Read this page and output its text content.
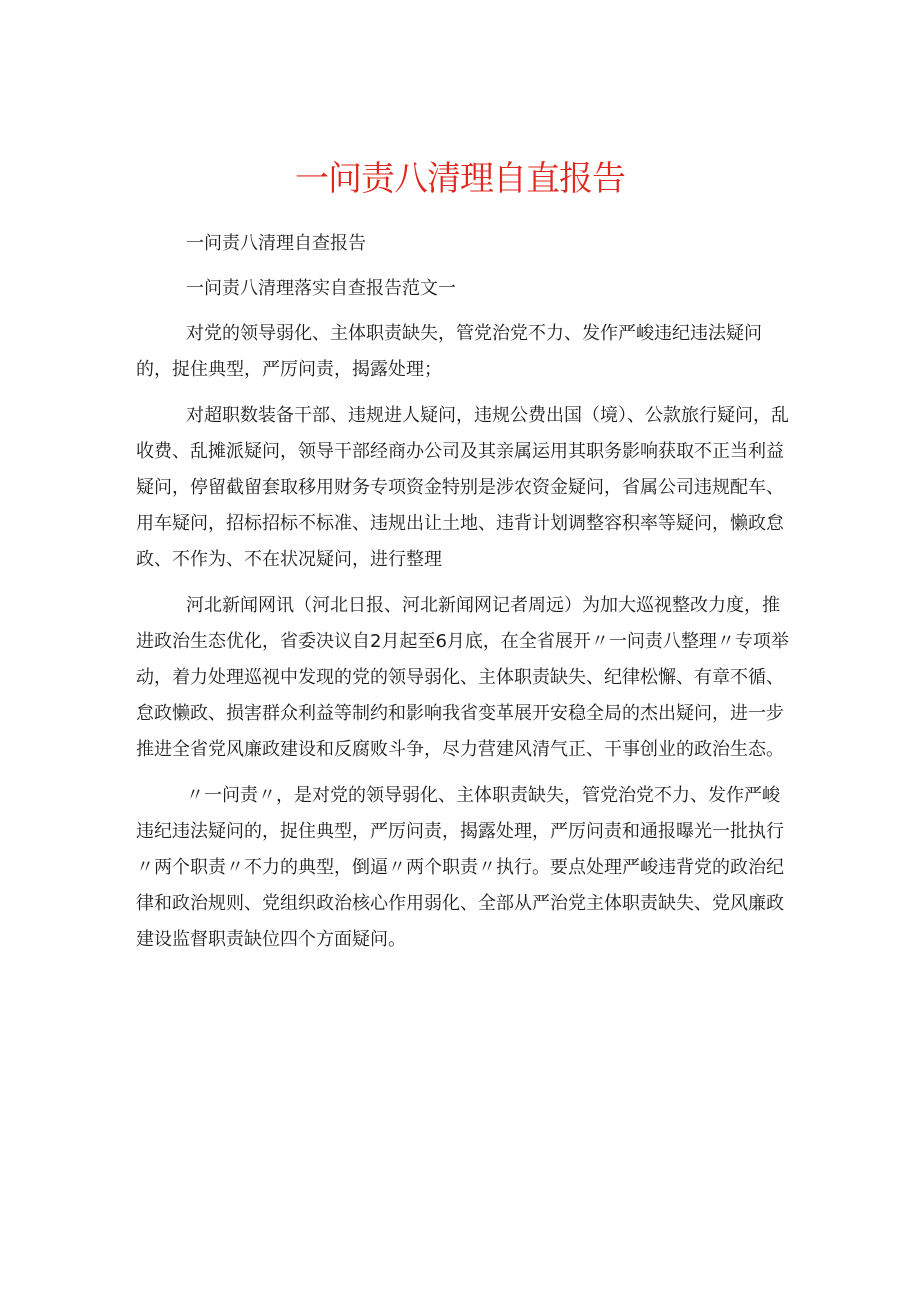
一问责八清理自直报告

一问责八清理自查报告

一问责八清理落实自查报告范文一

对党的领导弱化、主体职责缺失，管党治党不力、发作严峻违纪违法疑问的，捉住典型，严厉问责，揭露处理；

对超职数装备干部、违规进人疑问，违规公费出国（境）、公款旅行疑问，乱收费、乱摊派疑问，领导干部经商办公司及其亲属运用其职务影响获取不正当利益疑问，停留截留套取移用财务专项资金特别是涉农资金疑问，省属公司违规配车、用车疑问，招标招标不标准、违规出让土地、违背计划调整容积率等疑问，懒政怠政、不作为、不在状况疑问，进行整理

河北新闻网讯（河北日报、河北新闻网记者周远）为加大巡视整改力度，推进政治生态优化，省委决议自2月起至6月底，在全省展开〃一问责八整理〃专项举动，着力处理巡视中发现的党的领导弱化、主体职责缺失、纪律松懈、有章不循、怠政懒政、损害群众利益等制约和影响我省变革展开安稳全局的杰出疑问，进一步推进全省党风廉政建设和反腐败斗争，尽力营建风清气正、干事创业的政治生态。

〃一问责〃，是对党的领导弱化、主体职责缺失，管党治党不力、发作严峻违纪违法疑问的，捉住典型，严厉问责，揭露处理，严厉问责和通报曝光一批执行〃两个职责〃不力的典型，倒逼〃两个职责〃执行。要点处理严峻违背党的政治纪律和政治规则、党组织政治核心作用弱化、全部从严治党主体职责缺失、党风廉政建设监督职责缺位四个方面疑问。
